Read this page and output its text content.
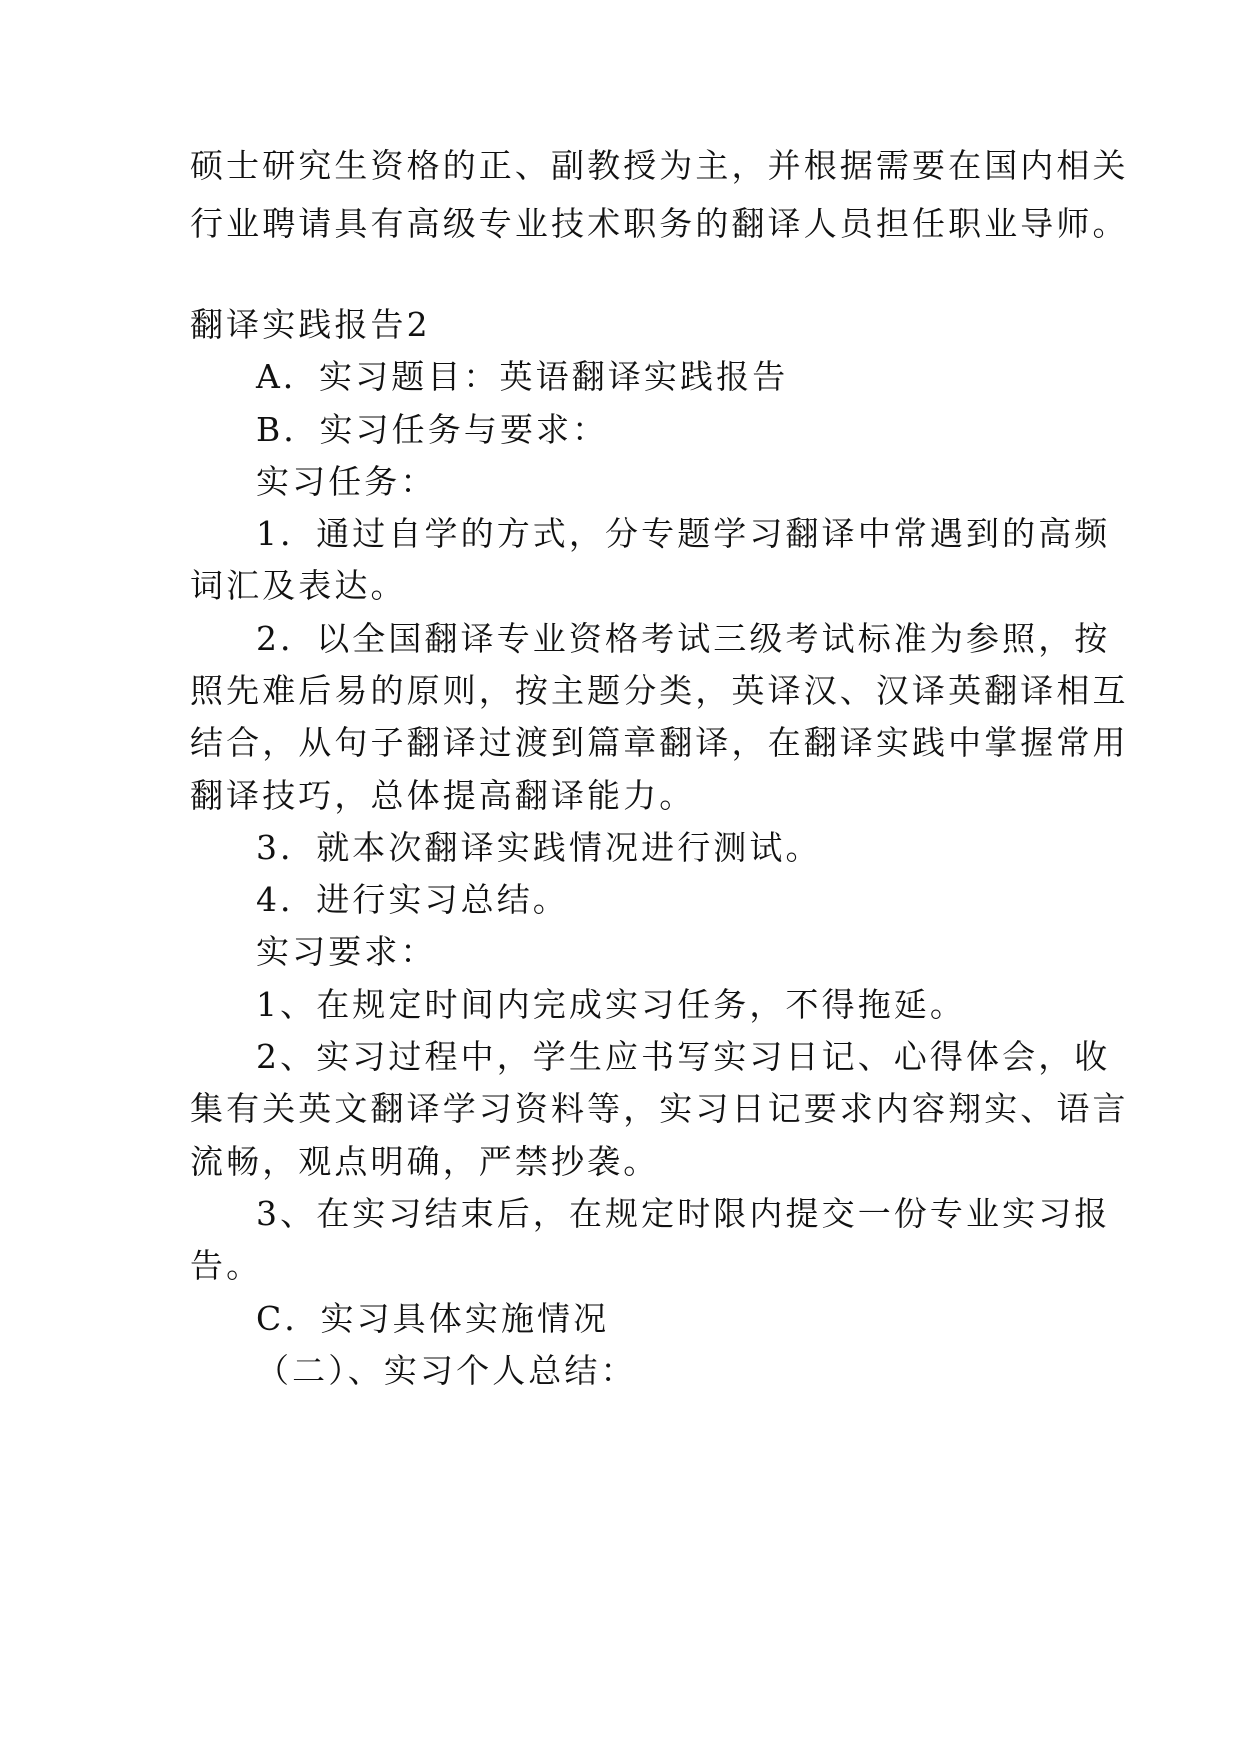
硕士研究生资格的正、副教授为主，并根据需要在国内相关

行业聘请具有高级专业技术职务的翻译人员担任职业导师。

翻译实践报告2

A．实习题目：英语翻译实践报告

B．实习任务与要求：

实习任务：

1．通过自学的方式，分专题学习翻译中常遇到的高频

词汇及表达。

2．以全国翻译专业资格考试三级考试标准为参照，按

照先难后易的原则，按主题分类，英译汉、汉译英翻译相互

结合，从句子翻译过渡到篇章翻译，在翻译实践中掌握常用

翻译技巧，总体提高翻译能力。

3．就本次翻译实践情况进行测试。

4．进行实习总结。

实习要求：

1、在规定时间内完成实习任务，不得拖延。

2、实习过程中，学生应书写实习日记、心得体会，收

集有关英文翻译学习资料等，实习日记要求内容翔实、语言

流畅，观点明确，严禁抄袭。

3、在实习结束后，在规定时限内提交一份专业实习报

告。

C．实习具体实施情况

（二）、实习个人总结：
